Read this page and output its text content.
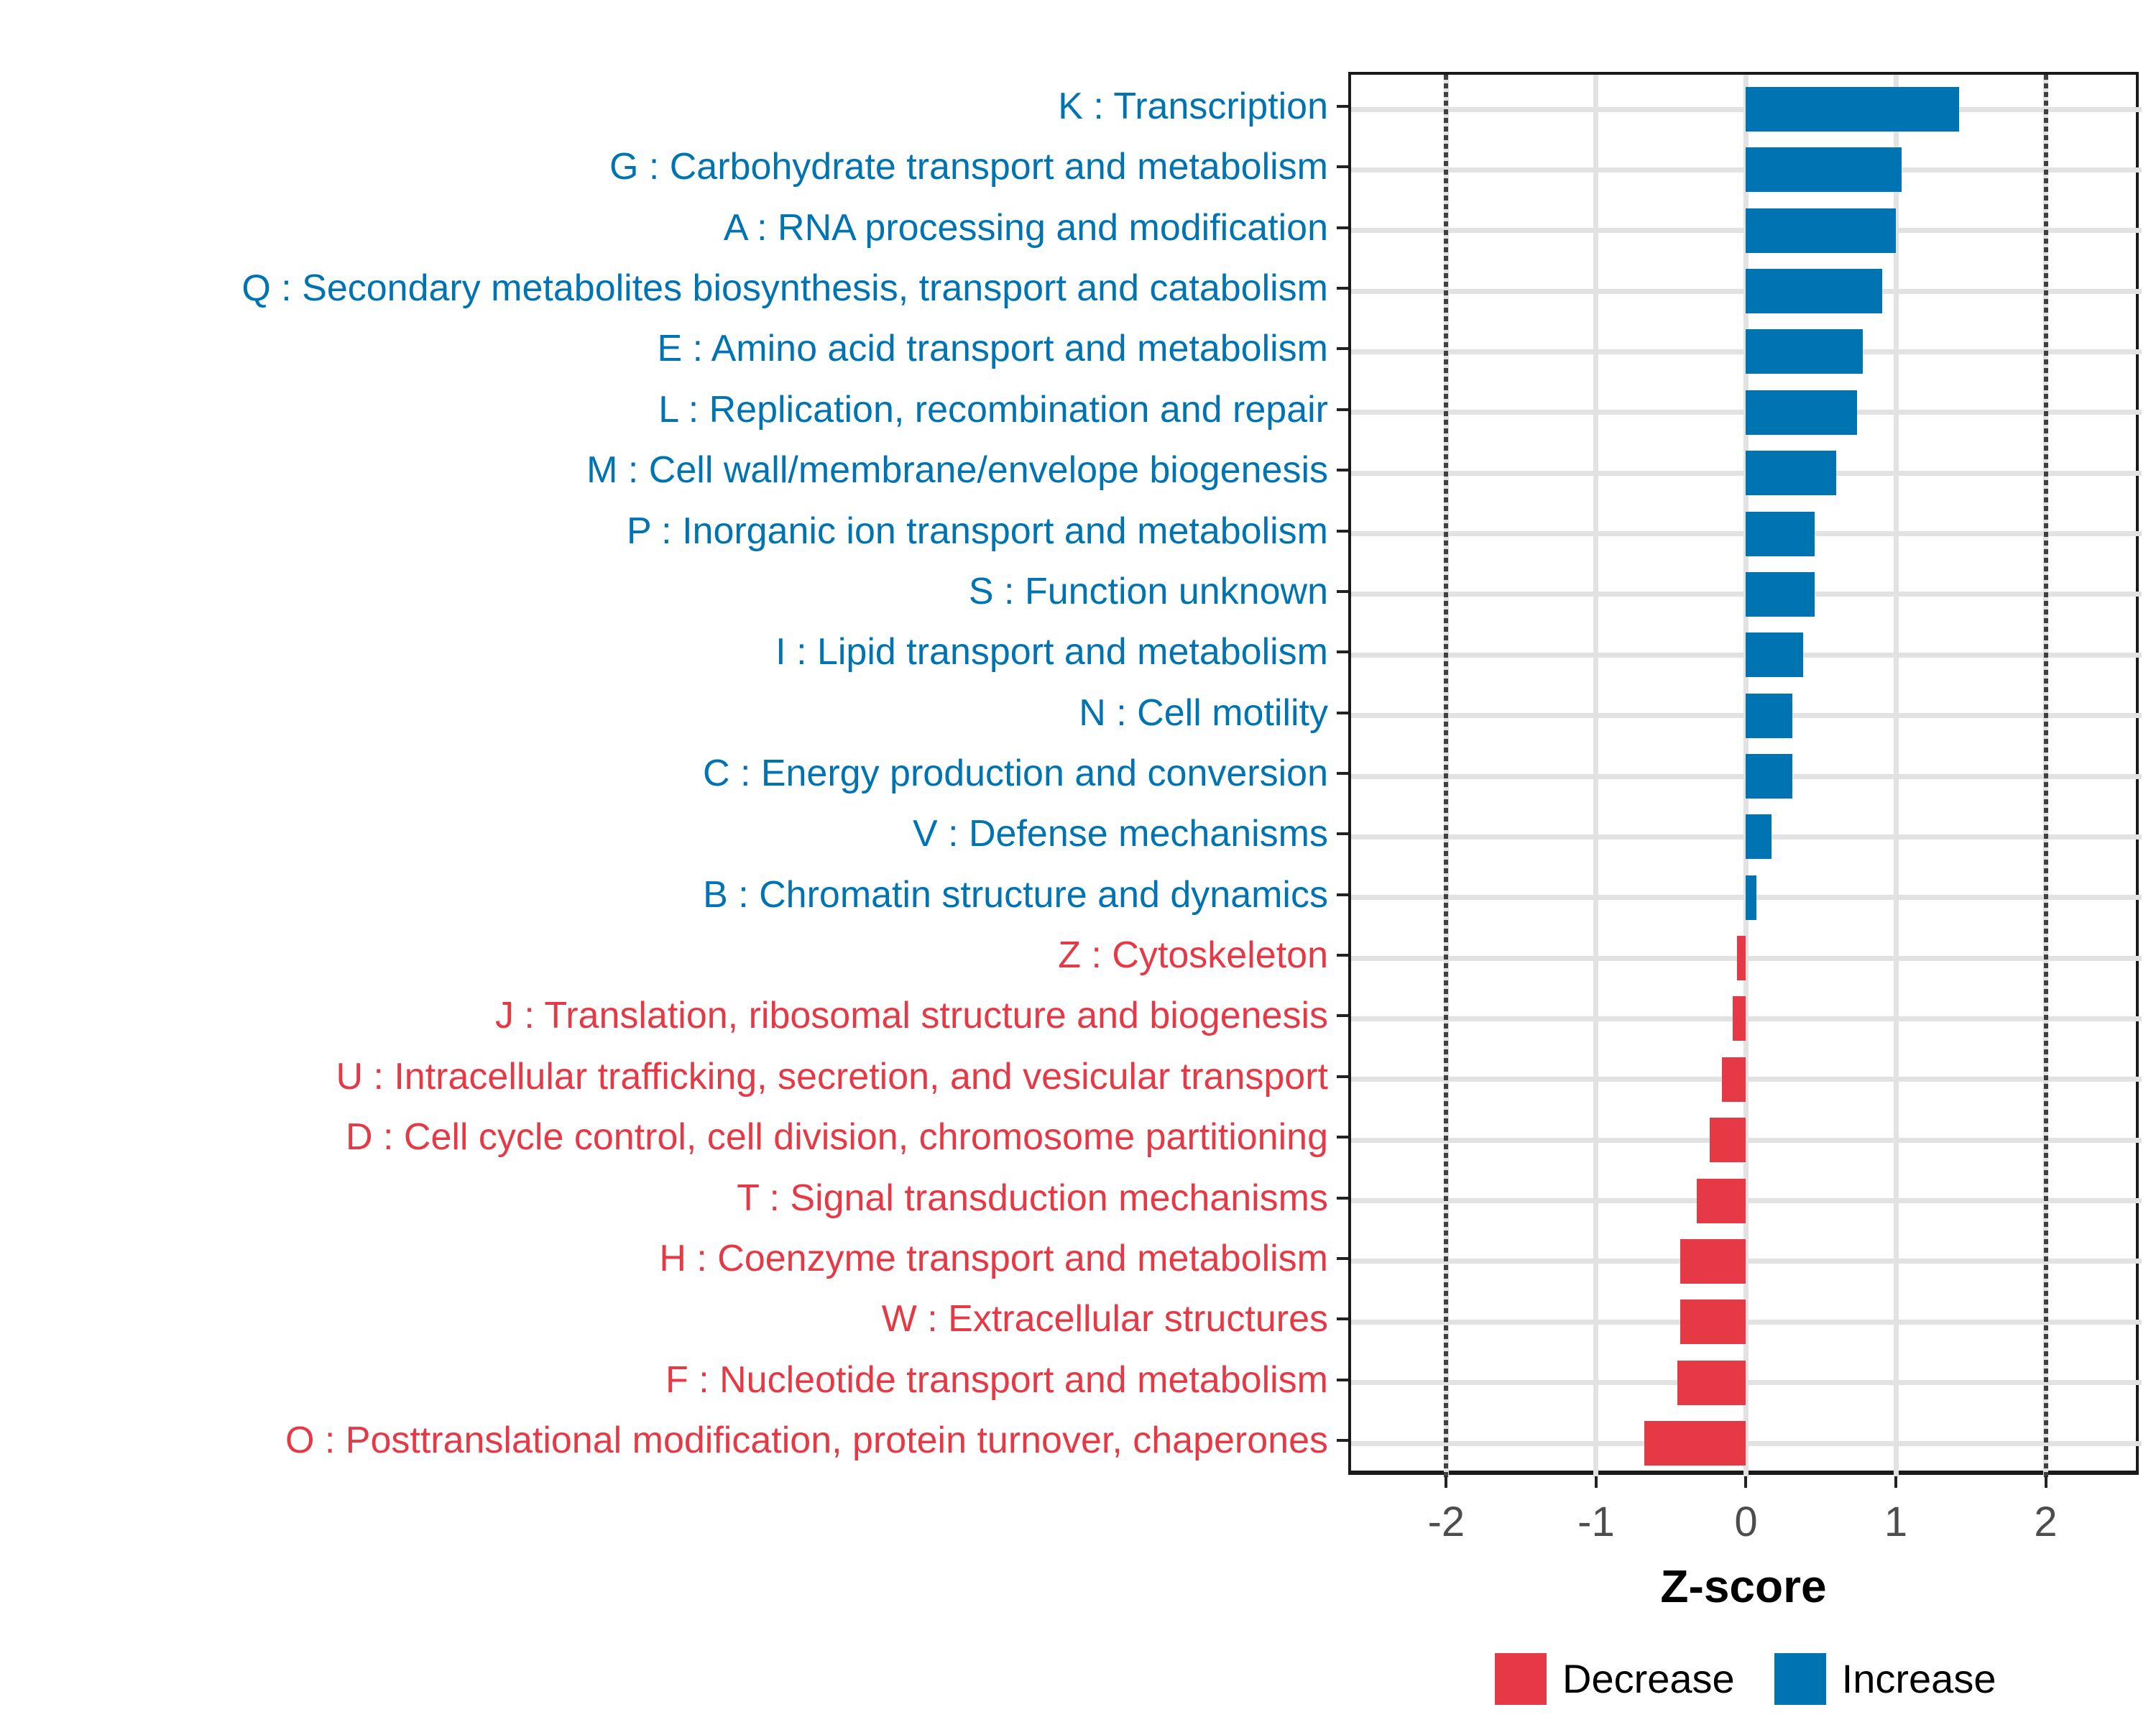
K : Transcription
G : Carbohydrate transport and metabolism
A : RNA processing and modification
Q : Secondary metabolites biosynthesis, transport and catabolism
E : Amino acid transport and metabolism
L : Replication, recombination and repair
M : Cell wall/membrane/envelope biogenesis
P : Inorganic ion transport and metabolism
S : Function unknown
I : Lipid transport and metabolism
N : Cell motility
C : Energy production and conversion
V : Defense mechanisms
B : Chromatin structure and dynamics
Z : Cytoskeleton
J : Translation, ribosomal structure and biogenesis
U : Intracellular trafficking, secretion, and vesicular transport
D : Cell cycle control, cell division, chromosome partitioning
T : Signal transduction mechanisms
H : Coenzyme transport and metabolism
W : Extracellular structures
F : Nucleotide transport and metabolism
O : Posttranslational modification, protein turnover, chaperones
-2	-1	0	1	2
Z-score
Decrease	Increase
